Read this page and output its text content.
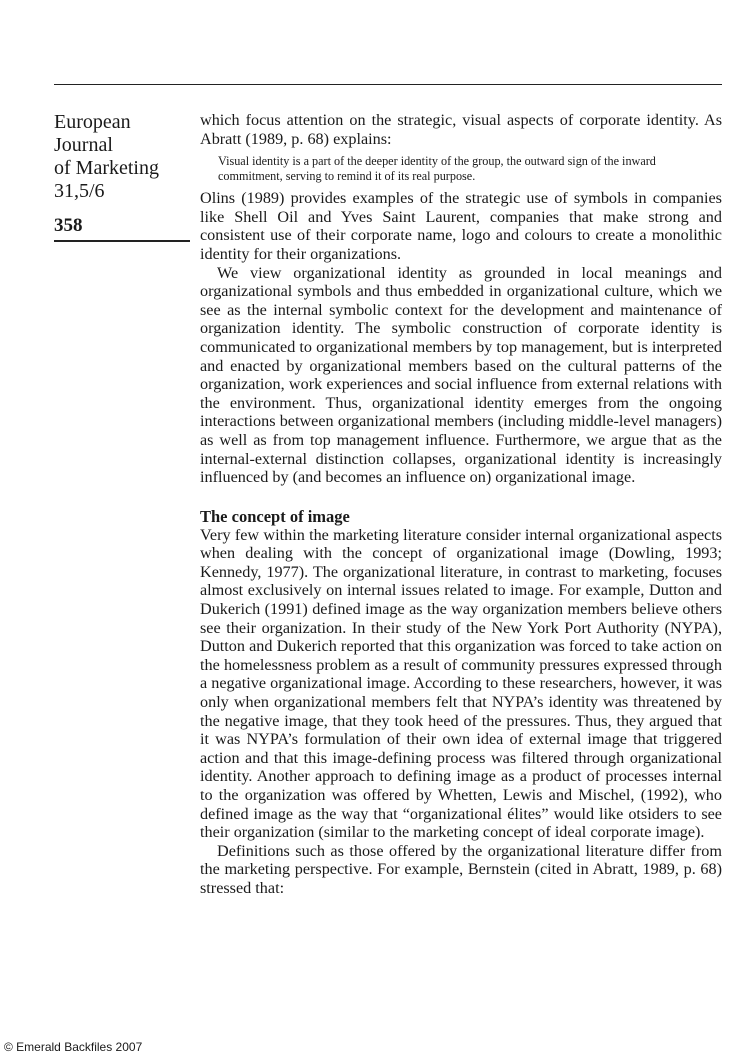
European
Journal
of Marketing
31,5/6
358

which focus attention on the strategic, visual aspects of corporate identity. As Abratt (1989, p. 68) explains:

Visual identity is a part of the deeper identity of the group, the outward sign of the inward commitment, serving to remind it of its real purpose.

Olins (1989) provides examples of the strategic use of symbols in companies like Shell Oil and Yves Saint Laurent, companies that make strong and consistent use of their corporate name, logo and colours to create a monolithic identity for their organizations.

We view organizational identity as grounded in local meanings and organizational symbols and thus embedded in organizational culture, which we see as the internal symbolic context for the development and maintenance of organization identity. The symbolic construction of corporate identity is communicated to organizational members by top management, but is interpreted and enacted by organizational members based on the cultural patterns of the organization, work experiences and social influence from external relations with the environment. Thus, organizational identity emerges from the ongoing interactions between organizational members (including middle-level managers) as well as from top management influence. Furthermore, we argue that as the internal-external distinction collapses, organizational identity is increasingly influenced by (and becomes an influence on) organizational image.

The concept of image

Very few within the marketing literature consider internal organizational aspects when dealing with the concept of organizational image (Dowling, 1993; Kennedy, 1977). The organizational literature, in contrast to marketing, focuses almost exclusively on internal issues related to image. For example, Dutton and Dukerich (1991) defined image as the way organization members believe others see their organization. In their study of the New York Port Authority (NYPA), Dutton and Dukerich reported that this organization was forced to take action on the homelessness problem as a result of community pressures expressed through a negative organizational image. According to these researchers, however, it was only when organizational members felt that NYPA’s identity was threatened by the negative image, that they took heed of the pressures. Thus, they argued that it was NYPA’s formulation of their own idea of external image that triggered action and that this image-defining process was filtered through organizational identity. Another approach to defining image as a product of processes internal to the organization was offered by Whetten, Lewis and Mischel, (1992), who defined image as the way that “organizational élites” would like otsiders to see their organization (similar to the marketing concept of ideal corporate image).

Definitions such as those offered by the organizational literature differ from the marketing perspective. For example, Bernstein (cited in Abratt, 1989, p. 68) stressed that:

© Emerald Backfiles 2007
